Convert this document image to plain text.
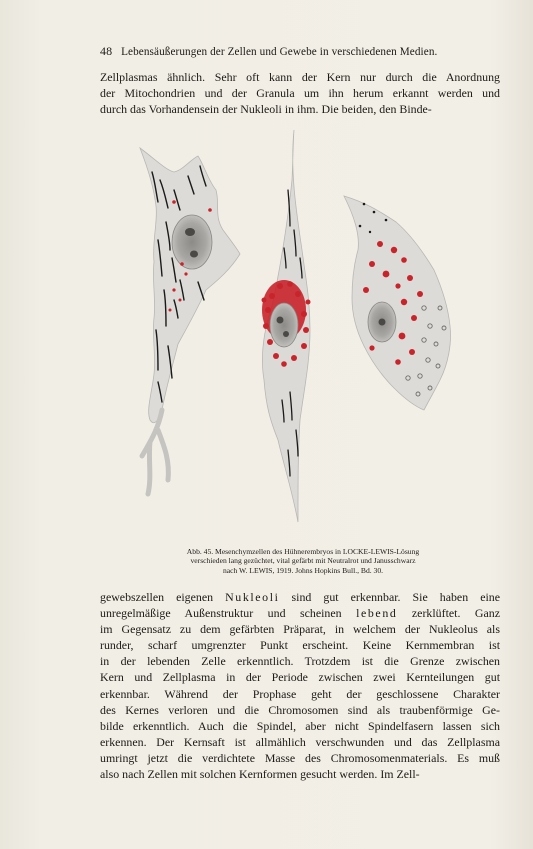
48 Lebensäußerungen der Zellen und Gewebe in verschiedenen Medien.
Zellplasmas ähnlich. Sehr oft kann der Kern nur durch die Anordnung
der Mitochondrien und der Granula um ihn herum erkannt werden und
durch das Vorhandensein der Nukleoli in ihm. Die beiden, den Binde-
Abb. 45. Mesenchymzellen des Hühnerembryos in LOCKE-LEWIS-Lösung
verschieden lang gezüchtet, vital gefärbt mit Neutralrot und Janusschwarz
nach W. LEWIS, 1919. Johns Hopkins Bull., Bd. 30.
gewebszellen eigenen Nukleoli sind gut erkennbar. Sie haben eine
unregelmäßige Außenstruktur und scheinen lebend zerklüftet. Ganz
im Gegensatz zu dem gefärbten Präparat, in welchem der Nukleolus als
runder, scharf umgrenzter Punkt erscheint. Keine Kernmembran ist
in der lebenden Zelle erkenntlich. Trotzdem ist die Grenze zwischen
Kern und Zellplasma in der Periode zwischen zwei Kernteilungen gut
erkennbar. Während der Prophase geht der geschlossene Charakter
des Kernes verloren und die Chromosomen sind als traubenförmige Ge-
bilde erkenntlich. Auch die Spindel, aber nicht Spindelfasern lassen sich
erkennen. Der Kernsaft ist allmählich verschwunden und das Zellplasma
umringt jetzt die verdichtete Masse des Chromosomenmaterials. Es muß
also nach Zellen mit solchen Kernformen gesucht werden. Im Zell-
